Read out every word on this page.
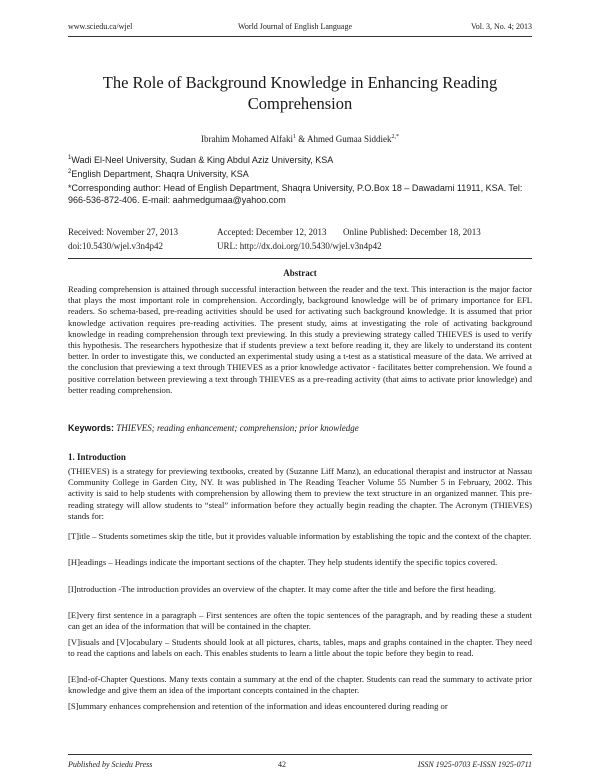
www.sciedu.ca/wjel	World Journal of English Language	Vol. 3, No. 4; 2013
The Role of Background Knowledge in Enhancing Reading Comprehension
Ibrahim Mohamed Alfaki$^1$ & Ahmed Gumaa Siddiek$^{2,*}$
$^1$Wadi El-Neel University, Sudan & King Abdul Aziz University, KSA
$^2$English Department, Shaqra University, KSA
*Corresponding author: Head of English Department, Shaqra University, P.O.Box 18 – Dawadami 11911, KSA. Tel: 966-536-872-406. E-mail: aahmedgumaa@yahoo.com
Received: November 27, 2013	Accepted: December 12, 2013 Online Published: December 18, 2013
doi:10.5430/wjel.v3n4p42	URL: http://dx.doi.org/10.5430/wjel.v3n4p42
Abstract

Reading comprehension is attained through successful interaction between the reader and the text. This interaction is the major factor that plays the most important role in comprehension. Accordingly, background knowledge will be of primary importance for EFL readers. So schema-based, pre-reading activities should be used for activating such background knowledge. It is assumed that prior knowledge activation requires pre-reading activities. The present study, aims at investigating the role of activating background knowledge in reading comprehension through text previewing. In this study a previewing strategy called THIEVES is used to verify this hypothesis. The researchers hypothesize that if students preview a text before reading it, they are likely to understand its content better. In order to investigate this, we conducted an experimental study using a t-test as a statistical measure of the data. We arrived at the conclusion that previewing a text through THIEVES as a prior knowledge activator - facilitates better comprehension. We found a positive correlation between previewing a text through THIEVES as a pre-reading activity (that aims to activate prior knowledge) and better reading comprehension.

Keywords: THIEVES; reading enhancement; comprehension; prior knowledge
1. Introduction

(THIEVES) is a strategy for previewing textbooks, created by (Suzanne Liff Manz), an educational therapist and instructor at Nassau Community College in Garden City, NY. It was published in The Reading Teacher Volume 55 Number 5 in February, 2002. This activity is said to help students with comprehension by allowing them to preview the text structure in an organized manner. This pre-reading strategy will allow students to “steal” information before they actually begin reading the chapter. The Acronym (THIEVES) stands for:

[T]itle – Students sometimes skip the title, but it provides valuable information by establishing the topic and the context of the chapter.

[H]eadings – Headings indicate the important sections of the chapter. They help students identify the specific topics covered.

[I]ntroduction -The introduction provides an overview of the chapter. It may come after the title and before the first heading.

[E]very first sentence in a paragraph – First sentences are often the topic sentences of the paragraph, and by reading these a student can get an idea of the information that will be contained in the chapter.

[V]isuals and [V]ocabulary – Students should look at all pictures, charts, tables, maps and graphs contained in the chapter. They need to read the captions and labels on each. This enables students to learn a little about the topic before they begin to read.

[E]nd-of-Chapter Questions. Many texts contain a summary at the end of the chapter. Students can read the summary to activate prior knowledge and give them an idea of the important concepts contained in the chapter.

[S]ummary enhances comprehension and retention of the information and ideas encountered during reading or

Published by Sciedu Press	42	ISSN 1925-0703 E-ISSN 1925-0711
